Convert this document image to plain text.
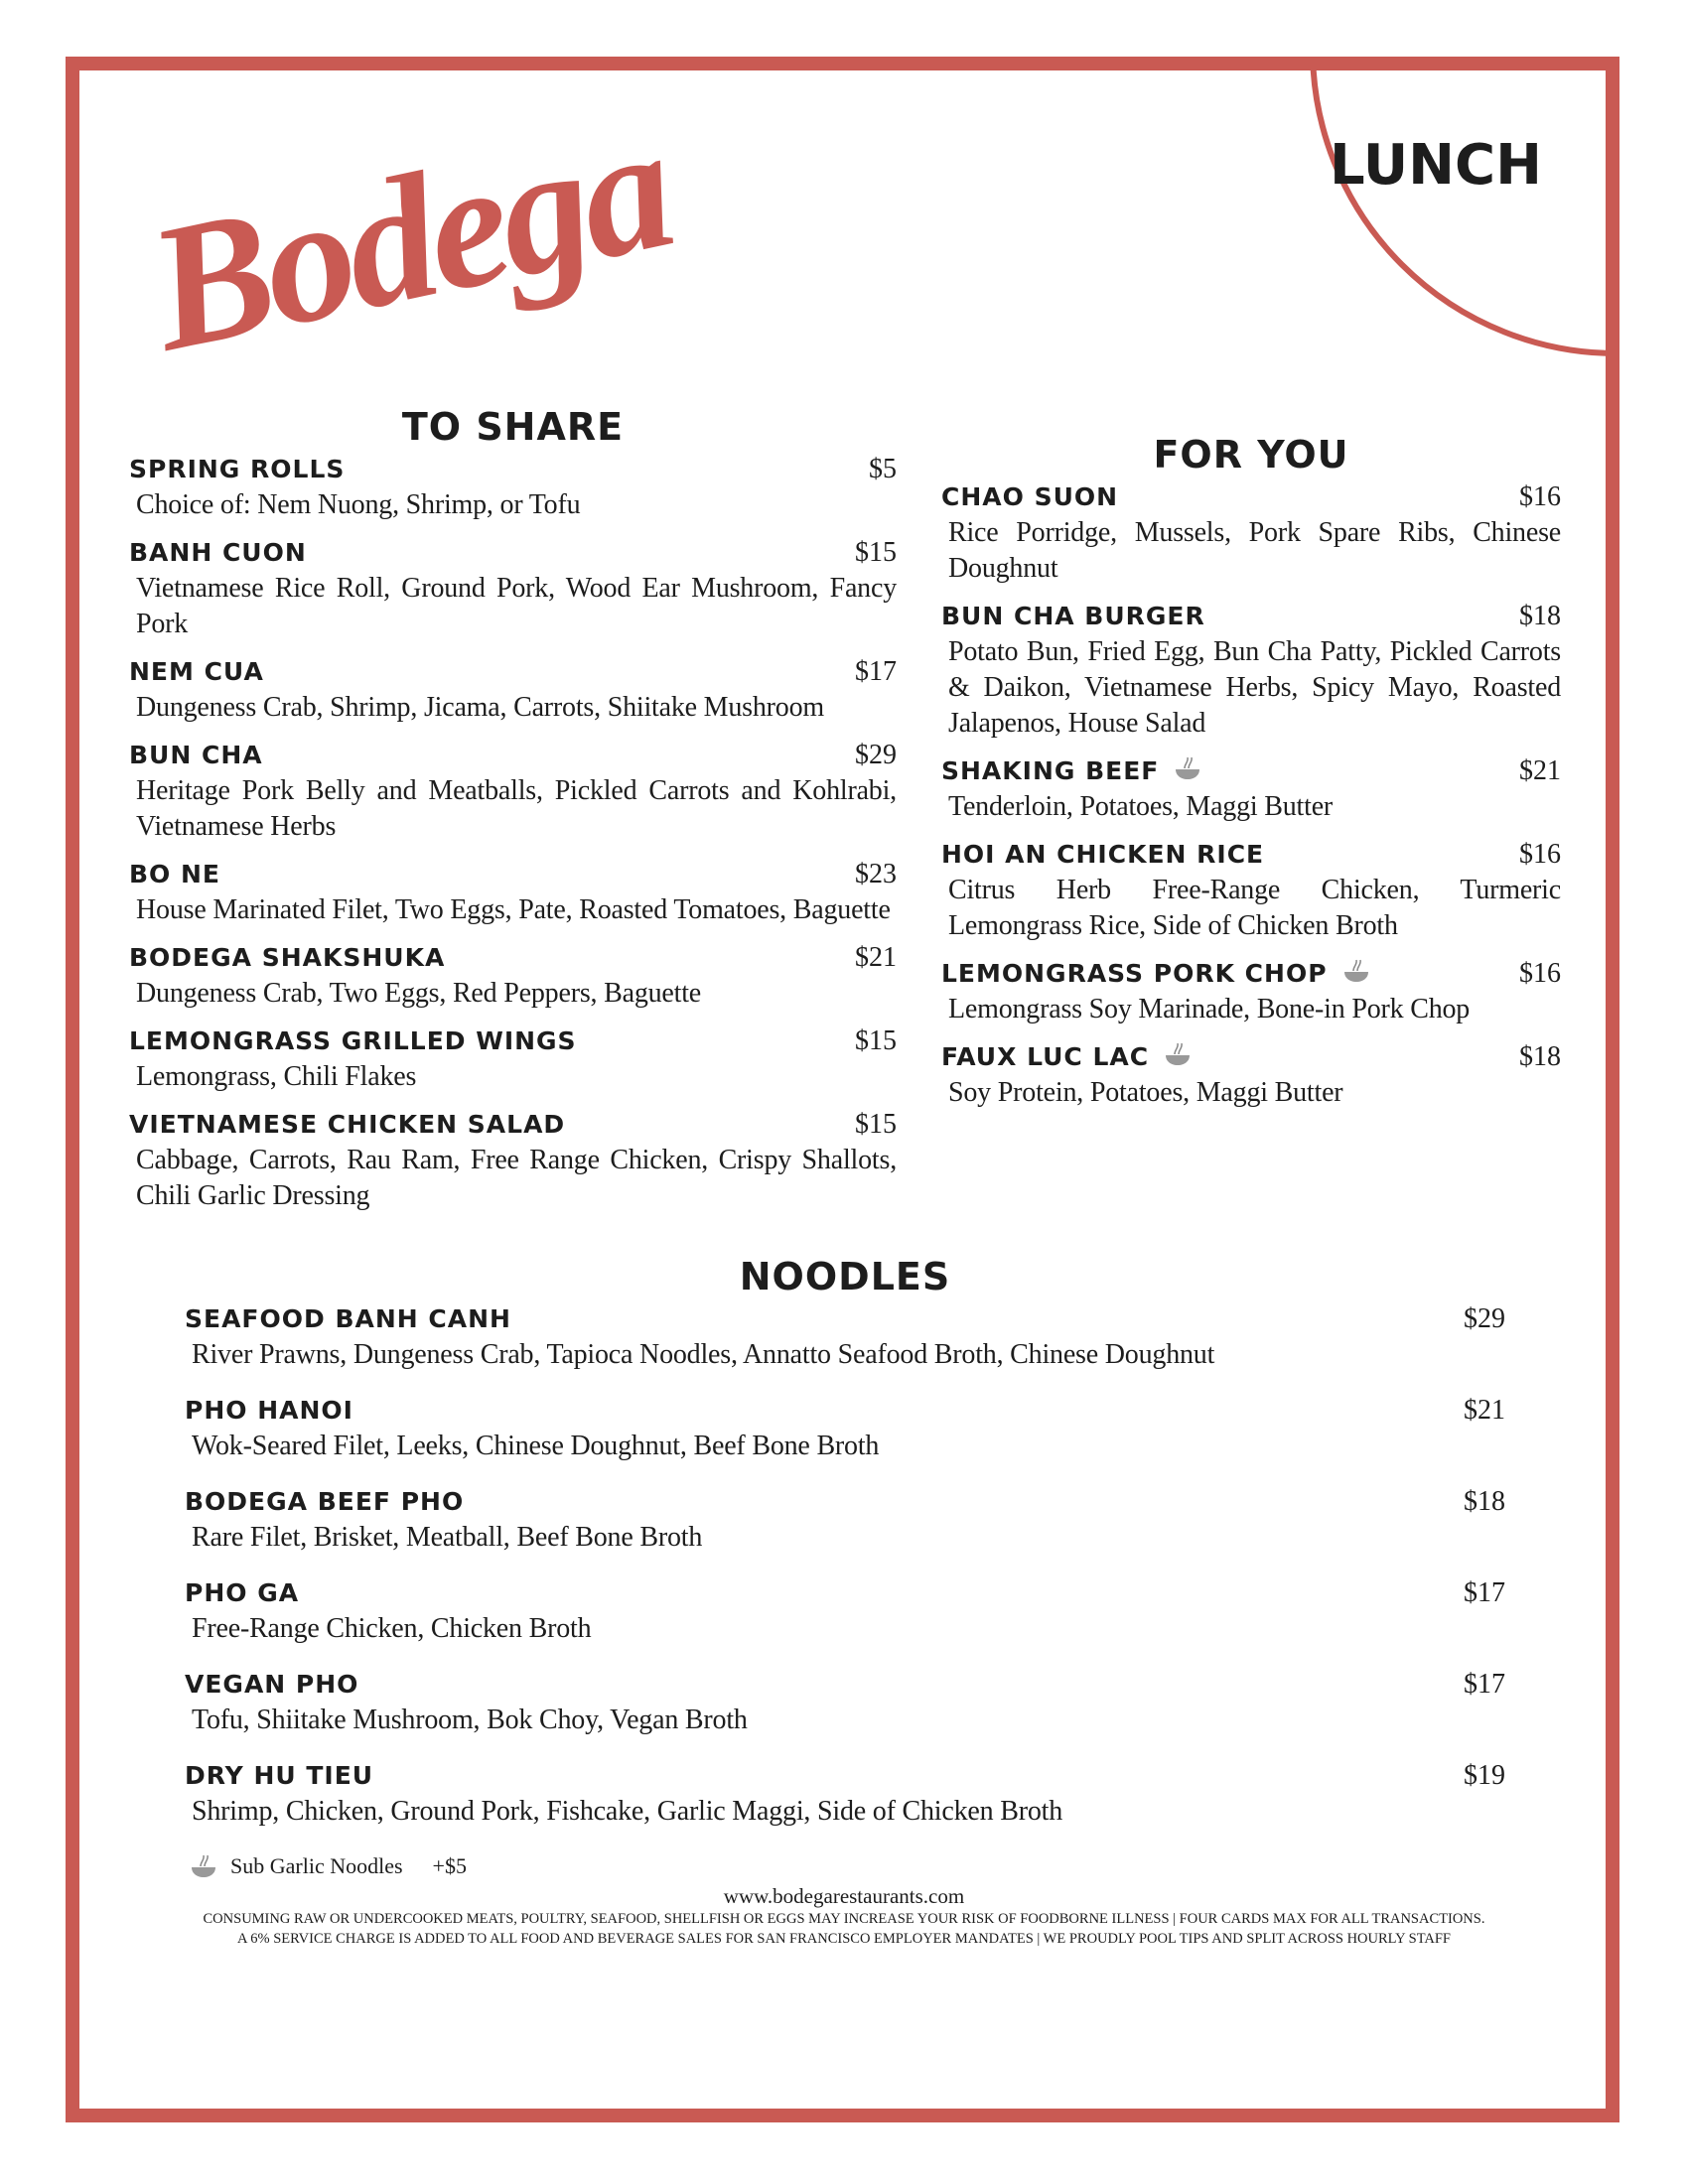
Bodega	LUNCH
TO SHARE
SPRING ROLLS	$5
Choice of: Nem Nuong, Shrimp, or Tofu
BANH CUON	$15
Vietnamese Rice Roll, Ground Pork, Wood Ear Mushroom, Fancy Pork
NEM CUA	$17
Dungeness Crab, Shrimp, Jicama, Carrots, Shiitake Mushroom
BUN CHA	$29
Heritage Pork Belly and Meatballs, Pickled Carrots and Kohlrabi, Vietnamese Herbs
BO NE	$23
House Marinated Filet, Two Eggs, Pate, Roasted Tomatoes, Baguette
BODEGA SHAKSHUKA	$21
Dungeness Crab, Two Eggs, Red Peppers, Baguette
LEMONGRASS GRILLED WINGS	$15
Lemongrass, Chili Flakes
VIETNAMESE CHICKEN SALAD	$15
Cabbage, Carrots, Rau Ram, Free Range Chicken, Crispy Shallots, Chili Garlic Dressing
FOR YOU
CHAO SUON	$16
Rice Porridge, Mussels, Pork Spare Ribs, Chinese Doughnut
BUN CHA BURGER	$18
Potato Bun, Fried Egg, Bun Cha Patty, Pickled Carrots & Daikon, Vietnamese Herbs, Spicy Mayo, Roasted Jalapenos, House Salad
SHAKING BEEF	$21
Tenderloin, Potatoes, Maggi Butter
HOI AN CHICKEN RICE	$16
Citrus Herb Free-Range Chicken, Turmeric Lemongrass Rice, Side of Chicken Broth
LEMONGRASS PORK CHOP	$16
Lemongrass Soy Marinade, Bone-in Pork Chop
FAUX LUC LAC	$18
Soy Protein, Potatoes, Maggi Butter
NOODLES
SEAFOOD BANH CANH	$29
River Prawns, Dungeness Crab, Tapioca Noodles, Annatto Seafood Broth, Chinese Doughnut
PHO HANOI	$21
Wok-Seared Filet, Leeks, Chinese Doughnut, Beef Bone Broth
BODEGA BEEF PHO	$18
Rare Filet, Brisket, Meatball, Beef Bone Broth
PHO GA	$17
Free-Range Chicken, Chicken Broth
VEGAN PHO	$17
Tofu, Shiitake Mushroom, Bok Choy, Vegan Broth
DRY HU TIEU	$19
Shrimp, Chicken, Ground Pork, Fishcake, Garlic Maggi, Side of Chicken Broth
Sub Garlic Noodles +$5
www.bodegarestaurants.com
CONSUMING RAW OR UNDERCOOKED MEATS, POULTRY, SEAFOOD, SHELLFISH OR EGGS MAY INCREASE YOUR RISK OF FOODBORNE ILLNESS | FOUR CARDS MAX FOR ALL TRANSACTIONS.
A 6% SERVICE CHARGE IS ADDED TO ALL FOOD AND BEVERAGE SALES FOR SAN FRANCISCO EMPLOYER MANDATES | WE PROUDLY POOL TIPS AND SPLIT ACROSS HOURLY STAFF
